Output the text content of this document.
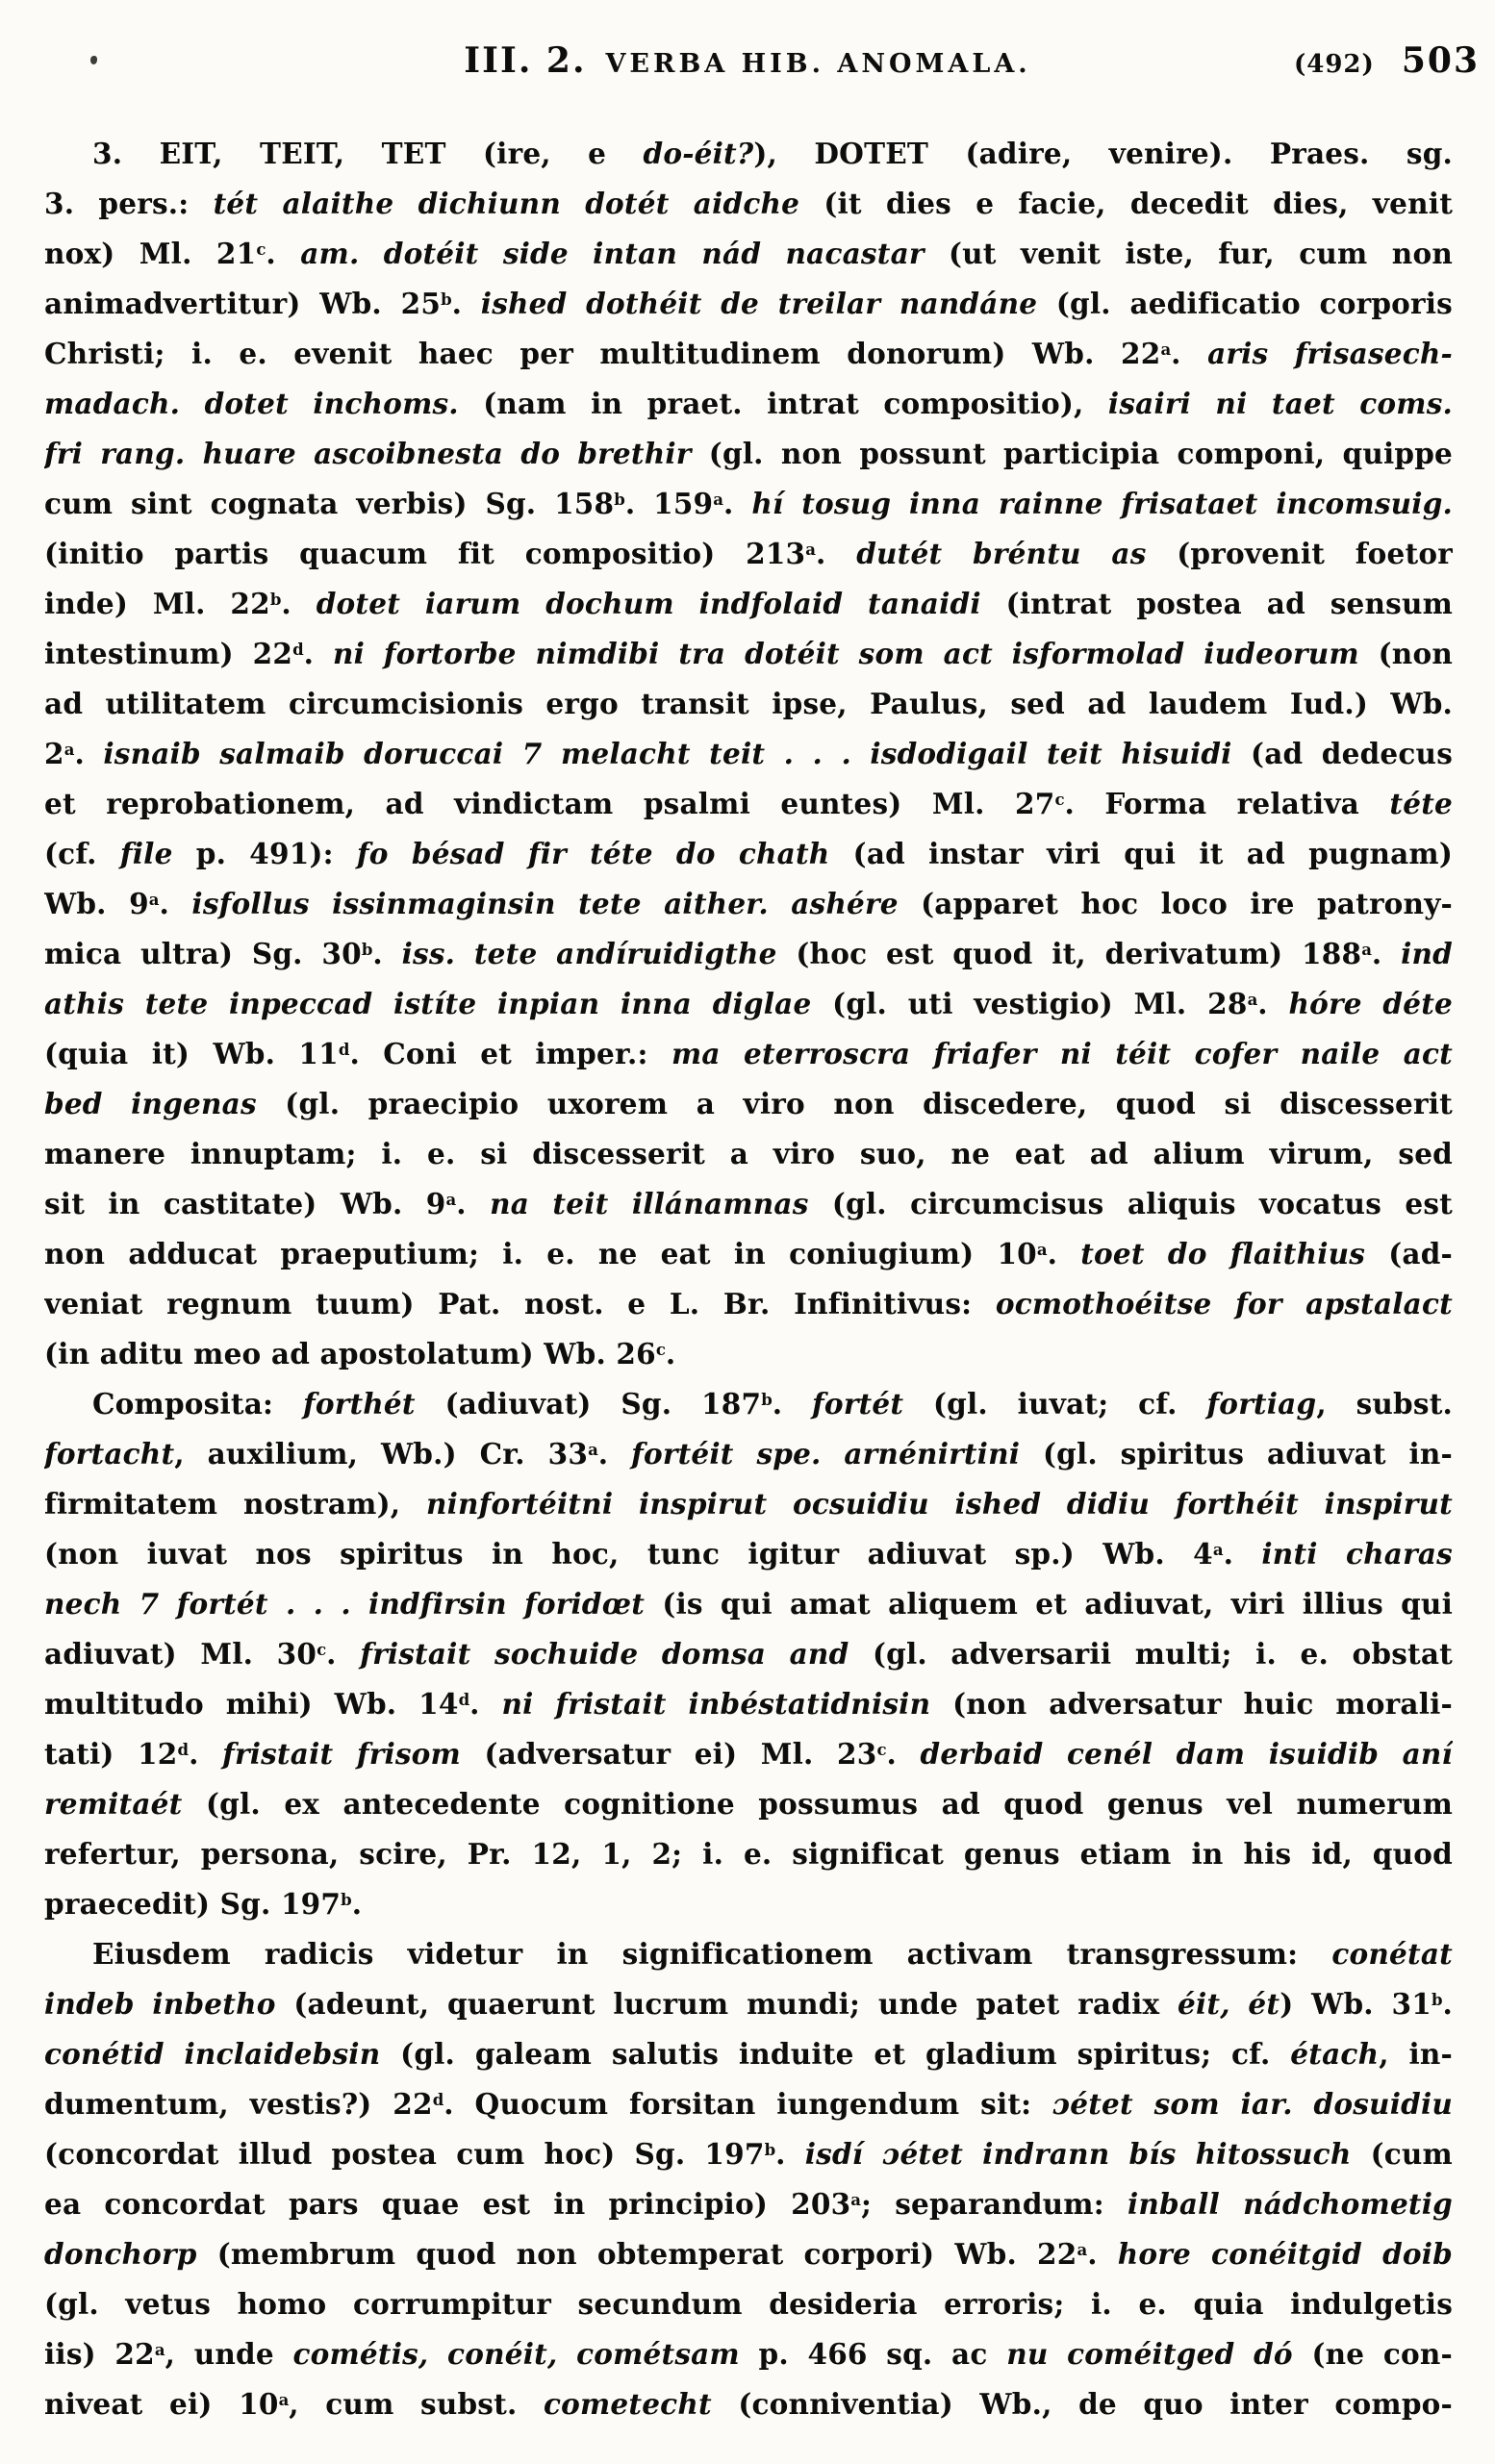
III. 2. VERBA HIB. ANOMALA.	(492) 503
3. EIT, TEIT, TET (ire, e do-éit?), DOTET (adire, venire). Praes. sg.
3. pers.: tét alaithe dichiunn dotét aidche (it dies e facie, decedit dies, venit
nox) Ml. 21$^c$. am. dotéit side intan nád nacastar (ut venit iste, fur, cum non
animadvertitur) Wb. 25$^b$. ished dothéit de treilar nandáne (gl. aedificatio corporis
Christi; i. e. evenit haec per multitudinem donorum) Wb. 22$^a$. aris frisasech-
madach. dotet inchoms. (nam in praet. intrat compositio), isairi ni taet coms.
fri rang. huare ascoibnesta do brethir (gl. non possunt participia componi, quippe
cum sint cognata verbis) Sg. 158$^b$. 159$^a$. hí tosug inna rainne frisataet incomsuig.
(initio partis quacum fit compositio) 213$^a$. dutét bréntu as (provenit foetor
inde) Ml. 22$^b$. dotet iarum dochum indfolaid tanaidi (intrat postea ad sensum
intestinum) 22$^d$. ni fortorbe nimdibi tra dotéit som act isformolad iudeorum (non
ad utilitatem circumcisionis ergo transit ipse, Paulus, sed ad laudem Iud.) Wb.
2$^a$. isnaib salmaib doruccai 7 melacht teit . . . isdodigail teit hisuidi (ad dedecus
et reprobationem, ad vindictam psalmi euntes) Ml. 27$^c$. Forma relativa téte
(cf. file p. 491): fo bésad fir téte do chath (ad instar viri qui it ad pugnam)
Wb. 9$^a$. isfollus issinmaginsin tete aither. ashére (apparet hoc loco ire patrony-
mica ultra) Sg. 30$^b$. iss. tete andíruidigthe (hoc est quod it, derivatum) 188$^a$. ind
athis tete inpeccad istíte inpian inna diglae (gl. uti vestigio) Ml. 28$^a$. hóre déte
(quia it) Wb. 11$^d$. Coni et imper.: ma eterroscra friafer ni téit cofer naile act
bed ingenas (gl. praecipio uxorem a viro non discedere, quod si discesserit
manere innuptam; i. e. si discesserit a viro suo, ne eat ad alium virum, sed
sit in castitate) Wb. 9$^a$. na teit illánamnas (gl. circumcisus aliquis vocatus est
non adducat praeputium; i. e. ne eat in coniugium) 10$^a$. toet do flaithius (ad-
veniat regnum tuum) Pat. nost. e L. Br. Infinitivus: ocmothoéitse for apstalact
(in aditu meo ad apostolatum) Wb. 26$^c$.
Composita: forthét (adiuvat) Sg. 187$^b$. fortét (gl. iuvat; cf. fortiag, subst.
fortacht, auxilium, Wb.) Cr. 33$^a$. fortéit spe. arnénirtini (gl. spiritus adiuvat in-
firmitatem nostram), ninfortéitni inspirut ocsuidiu ished didiu forthéit inspirut
(non iuvat nos spiritus in hoc, tunc igitur adiuvat sp.) Wb. 4$^a$. inti charas
nech 7 fortét . . . indfirsin foridœt (is qui amat aliquem et adiuvat, viri illius qui
adiuvat) Ml. 30$^c$. fristait sochuide domsa and (gl. adversarii multi; i. e. obstat
multitudo mihi) Wb. 14$^d$. ni fristait inbéstatidnisin (non adversatur huic morali-
tati) 12$^d$. fristait frisom (adversatur ei) Ml. 23$^c$. derbaid cenél dam isuidib aní
remitaét (gl. ex antecedente cognitione possumus ad quod genus vel numerum
refertur, persona, scire, Pr. 12, 1, 2; i. e. significat genus etiam in his id, quod
praecedit) Sg. 197$^b$.
Eiusdem radicis videtur in significationem activam transgressum: conétat
indeb inbetho (adeunt, quaerunt lucrum mundi; unde patet radix éit, ét) Wb. 31$^b$.
conétid inclaidebsin (gl. galeam salutis induite et gladium spiritus; cf. étach, in-
dumentum, vestis?) 22$^d$. Quocum forsitan iungendum sit: ɔétet som iar. dosuidiu
(concordat illud postea cum hoc) Sg. 197$^b$. isdí ɔétet indrann bís hitossuch (cum
ea concordat pars quae est in principio) 203$^a$; separandum: inball nádchometig
donchorp (membrum quod non obtemperat corpori) Wb. 22$^a$. hore conéitgid doib
(gl. vetus homo corrumpitur secundum desideria erroris; i. e. quia indulgetis
iis) 22$^a$, unde cométis, conéit, cométsam p. 466 sq. ac nu coméitged dó (ne con-
niveat ei) 10$^a$, cum subst. cometecht (conniventia) Wb., de quo inter compo-
